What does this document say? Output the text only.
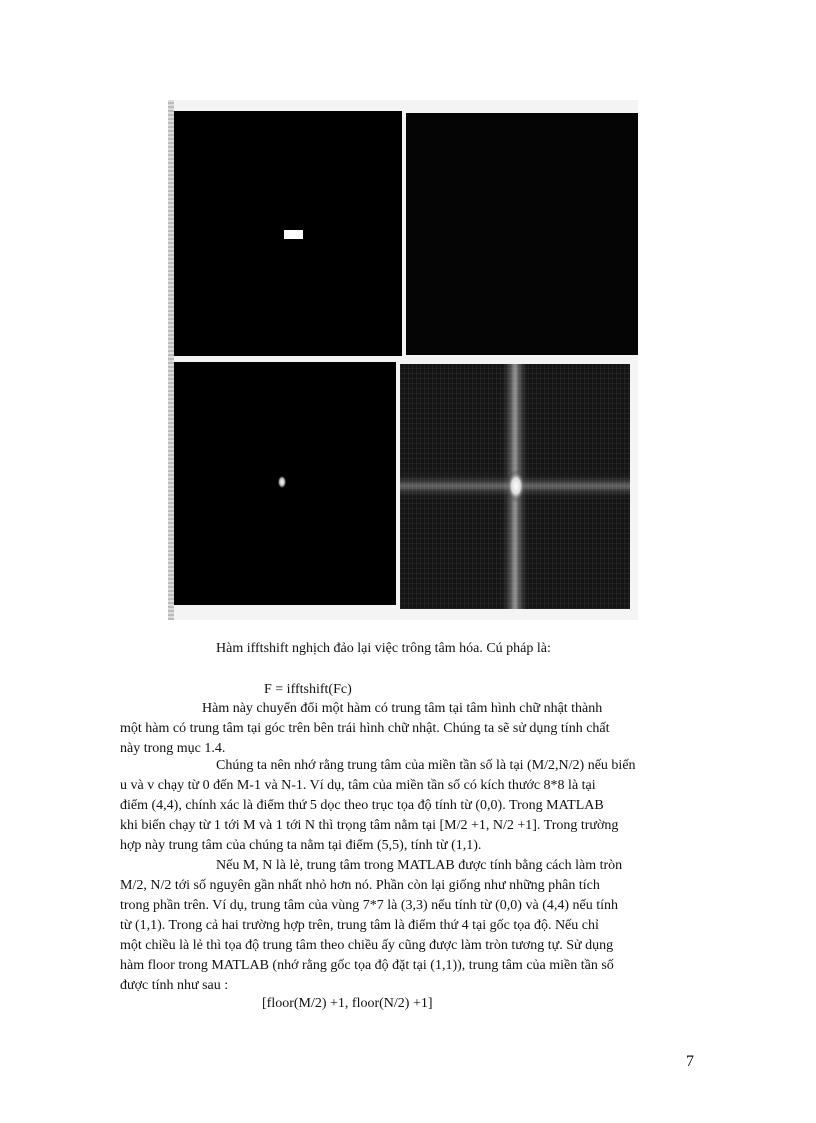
Hàm ifftshift nghịch đảo lại việc trông tâm hóa. Cú pháp là:
F = ifftshift(Fc)
Hàm này chuyển đổi một hàm có trung tâm tại tâm hình chữ nhật thành
một hàm có trung tâm tại góc trên bên trái hình chữ nhật. Chúng ta sẽ sử dụng tính chất
này trong mục 1.4.
Chúng ta nên nhớ rằng trung tâm của miền tần số là tại (M/2,N/2) nếu biến
u và v chạy từ 0 đến M-1 và N-1. Ví dụ, tâm của miền tần số có kích thước 8*8 là tại
điểm (4,4), chính xác là điểm thứ 5 dọc theo trục tọa độ tính từ (0,0). Trong MATLAB
khi biến chạy từ 1 tới M và 1 tới N thì trọng tâm nằm tại [M/2 +1, N/2 +1]. Trong trường
hợp này trung tâm của chúng ta nằm tại điểm (5,5), tính từ (1,1).
Nếu M, N là lẻ, trung tâm trong MATLAB được tính bằng cách làm tròn
M/2, N/2 tới số nguyên gần nhất nhỏ hơn nó. Phần còn lại giống như những phân tích
trong phần trên. Ví dụ, trung tâm của vùng 7*7 là (3,3) nếu tính từ (0,0) và (4,4) nếu tính
từ (1,1). Trong cả hai trường hợp trên, trung tâm là điểm thứ 4 tại gốc tọa độ. Nếu chỉ
một chiều là lẻ thì tọa độ trung tâm theo chiều ấy cũng được làm tròn tương tự. Sử dụng
hàm floor trong MATLAB (nhớ rằng gốc tọa độ đặt tại (1,1)), trung tâm của miền tần số
được tính như sau :
[floor(M/2) +1, floor(N/2) +1]
7
